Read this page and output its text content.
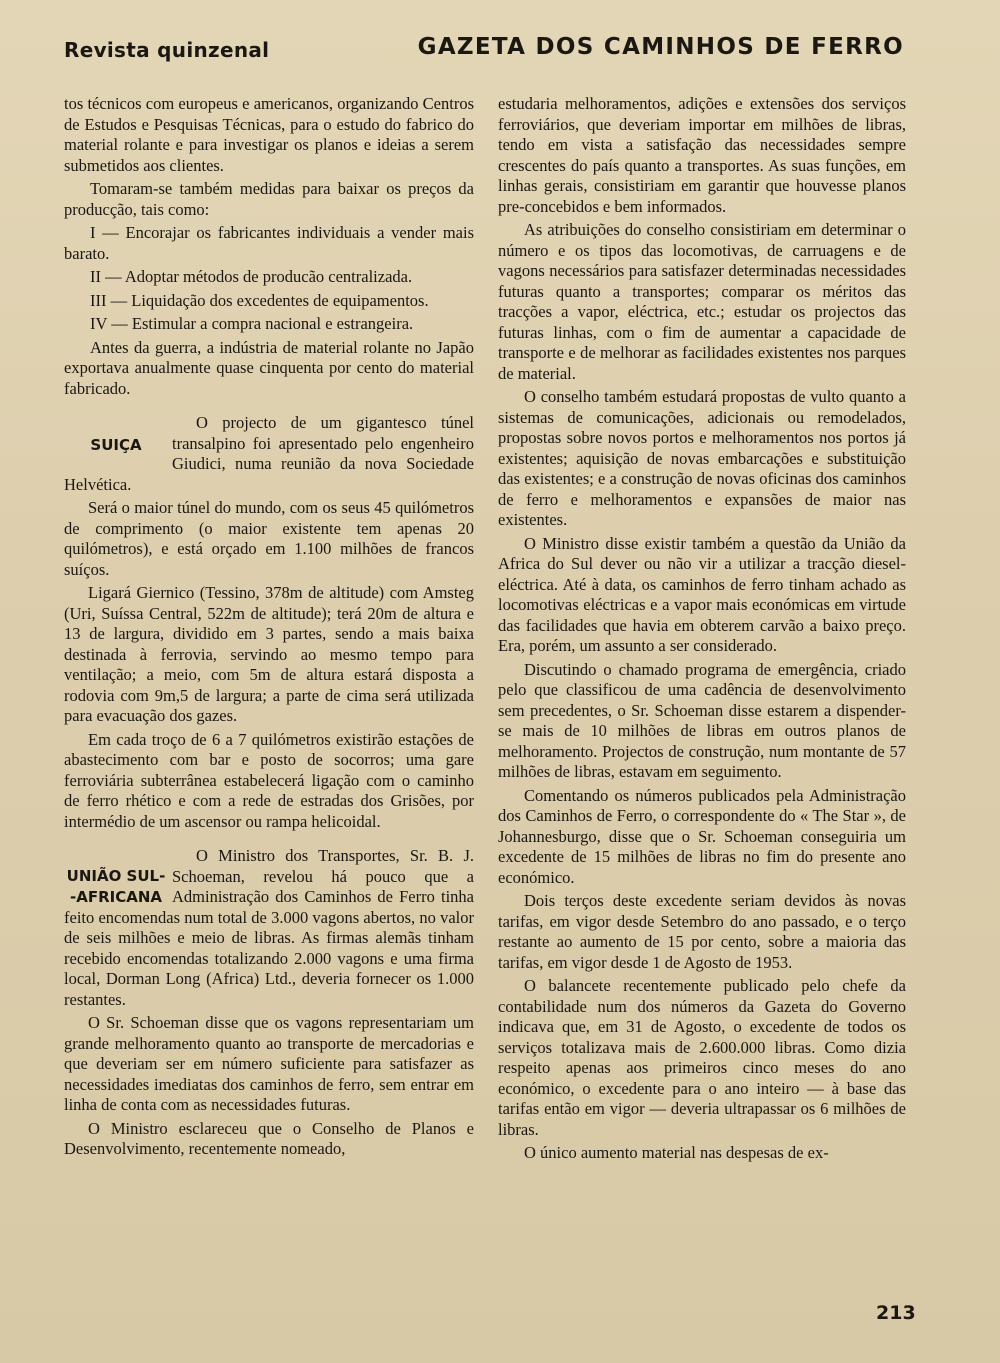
Revista quinzenal	GAZETA DOS CAMINHOS DE FERRO

tos técnicos com europeus e americanos, organizando Centros de Estudos e Pesquisas Técnicas, para o estudo do fabrico do material rolante e para investigar os planos e ideias a serem submetidos aos clientes.

Tomaram-se também medidas para baixar os preços da producção, tais como:

I — Encorajar os fabricantes individuais a vender mais barato.

II — Adoptar métodos de producão centralizada.

III — Liquidação dos excedentes de equipamentos.

IV — Estimular a compra nacional e estrangeira.

Antes da guerra, a indústria de material rolante no Japão exportava anualmente quase cinquenta por cento do material fabricado.

SUIÇA

O projecto de um gigantesco túnel transalpino foi apresentado pelo engenheiro Giudici, numa reunião da nova Sociedade Helvética.

Será o maior túnel do mundo, com os seus 45 quilómetros de comprimento (o maior existente tem apenas 20 quilómetros), e está orçado em 1.100 milhões de francos suíços.

Ligará Giernico (Tessino, 378m de altitude) com Amsteg (Uri, Suíssa Central, 522m de altitude); terá 20m de altura e 13 de largura, dividido em 3 partes, sendo a mais baixa destinada à ferrovia, servindo ao mesmo tempo para ventilação; a meio, com 5m de altura estará disposta a rodovia com 9m,5 de largura; a parte de cima será utilizada para evacuação dos gazes.

Em cada troço de 6 a 7 quilómetros existirão estações de abastecimento com bar e posto de socorros; uma gare ferroviária subterrânea estabelecerá ligação com o caminho de ferro rhético e com a rede de estradas dos Grisões, por intermédio de um ascensor ou rampa helicoidal.

UNIÃO SUL-
-AFRICANA

O Ministro dos Transportes, Sr. B. J. Schoeman, revelou há pouco que a Administração dos Caminhos de Ferro tinha feito encomendas num total de 3.000 vagons abertos, no valor de seis milhões e meio de libras. As firmas alemãs tinham recebido encomendas totalizando 2.000 vagons e uma firma local, Dorman Long (Africa) Ltd., deveria fornecer os 1.000 restantes.

O Sr. Schoeman disse que os vagons representariam um grande melhoramento quanto ao transporte de mercadorias e que deveriam ser em número suficiente para satisfazer as necessidades imediatas dos caminhos de ferro, sem entrar em linha de conta com as necessidades futuras.

O Ministro esclareceu que o Conselho de Planos e Desenvolvimento, recentemente nomeado,

estudaria melhoramentos, adições e extensões dos serviços ferroviários, que deveriam importar em milhões de libras, tendo em vista a satisfação das necessidades sempre crescentes do país quanto a transportes. As suas funções, em linhas gerais, consistiriam em garantir que houvesse planos pre-concebidos e bem informados.

As atribuições do conselho consistiriam em determinar o número e os tipos das locomotivas, de carruagens e de vagons necessários para satisfazer determinadas necessidades futuras quanto a transportes; comparar os méritos das tracções a vapor, eléctrica, etc.; estudar os projectos das futuras linhas, com o fim de aumentar a capacidade de transporte e de melhorar as facilidades existentes nos parques de material.

O conselho também estudará propostas de vulto quanto a sistemas de comunicações, adicionais ou remodelados, propostas sobre novos portos e melhoramentos nos portos já existentes; aquisição de novas embarcações e substituição das existentes; e a construção de novas oficinas dos caminhos de ferro e melhoramentos e expansões de maior nas existentes.

O Ministro disse existir também a questão da União da Africa do Sul dever ou não vir a utilizar a tracção diesel-eléctrica. Até à data, os caminhos de ferro tinham achado as locomotivas eléctricas e a vapor mais económicas em virtude das facilidades que havia em obterem carvão a baixo preço. Era, porém, um assunto a ser considerado.

Discutindo o chamado programa de emergência, criado pelo que classificou de uma cadência de desenvolvimento sem precedentes, o Sr. Schoeman disse estarem a dispender-se mais de 10 milhões de libras em outros planos de melhoramento. Projectos de construção, num montante de 57 milhões de libras, estavam em seguimento.

Comentando os números publicados pela Administração dos Caminhos de Ferro, o correspondente do « The Star », de Johannesburgo, disse que o Sr. Schoeman conseguiria um excedente de 15 milhões de libras no fim do presente ano económico.

Dois terços deste excedente seriam devidos às novas tarifas, em vigor desde Setembro do ano passado, e o terço restante ao aumento de 15 por cento, sobre a maioria das tarifas, em vigor desde 1 de Agosto de 1953.

O balancete recentemente publicado pelo chefe da contabilidade num dos números da Gazeta do Governo indicava que, em 31 de Agosto, o excedente de todos os serviços totalizava mais de 2.600.000 libras. Como dizia respeito apenas aos primeiros cinco meses do ano económico, o excedente para o ano inteiro — à base das tarifas então em vigor — deveria ultrapassar os 6 milhões de libras.

O único aumento material nas despesas de ex-

213
